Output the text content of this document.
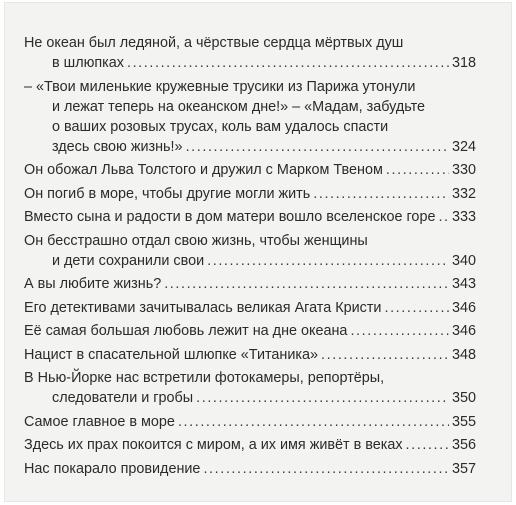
Не океан был ледяной, а чёрствые сердца мёртвых душ
в шлюпках . . .	318
– «Твои миленькие кружевные трусики из Парижа утонули
и лежат теперь на океанском дне!» – «Мадам, забудьте
о ваших розовых трусах, коль вам удалось спасти
здесь свою жизнь!» . . .	324
Он обожал Льва Толстого и дружил с Марком Твеном . . .	330
Он погиб в море, чтобы другие могли жить . . .	332
Вместо сына и радости в дом матери вошло вселенское горе . . . 333
Он бесстрашно отдал свою жизнь, чтобы женщины
и дети сохранили свои . . .	340
А вы любите жизнь? . . .	343
Его детективами зачитывалась великая Агата Кристи . . .	346
Её самая большая любовь лежит на дне океана . . .	346
Нацист в спасательной шлюпке «Титаника» . . .	348
В Нью-Йорке нас встретили фотокамеры, репортёры,
следователи и гробы . . .	350
Самое главное в море . . .	355
Здесь их прах покоится с миром, а их имя живёт в веках . . .	356
Нас покарало провидение . . .	357
